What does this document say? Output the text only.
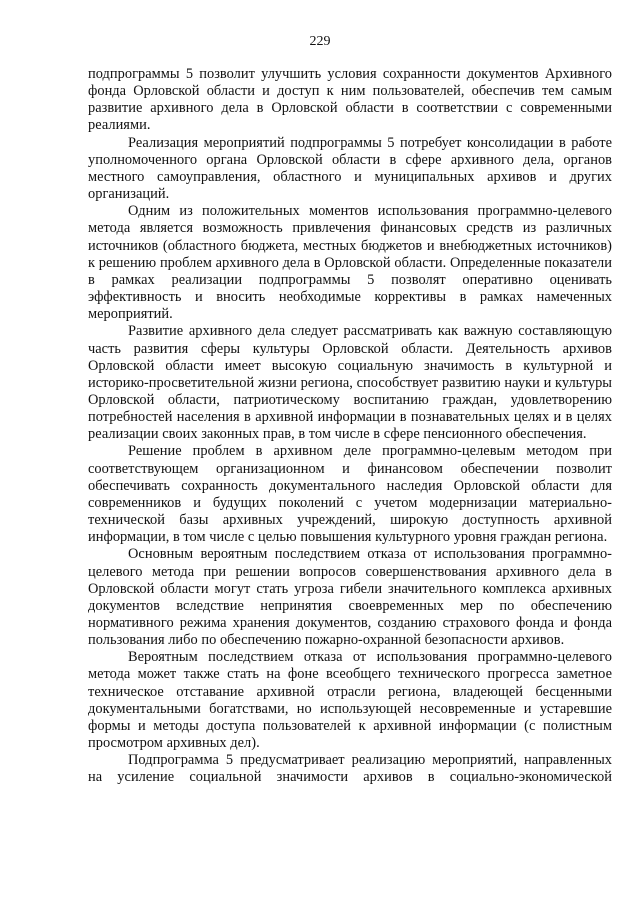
229

подпрограммы 5 позволит улучшить условия сохранности документов Архивного фонда Орловской области и доступ к ним пользователей, обеспечив тем самым развитие архивного дела в Орловской области в соответствии с современными реалиями.

Реализация мероприятий подпрограммы 5 потребует консолидации в работе уполномоченного органа Орловской области в сфере архивного дела, органов местного самоуправления, областного и муниципальных архивов и других организаций.

Одним из положительных моментов использования программно-целевого метода является возможность привлечения финансовых средств из различных источников (областного бюджета, местных бюджетов и внебюджетных источников) к решению проблем архивного дела в Орловской области. Определенные показатели в рамках реализации подпрограммы 5 позволят оперативно оценивать эффективность и вносить необходимые коррективы в рамках намеченных мероприятий.

Развитие архивного дела следует рассматривать как важную составляющую часть развития сферы культуры Орловской области. Деятельность архивов Орловской области имеет высокую социальную значимость в культурной и историко-просветительной жизни региона, способствует развитию науки и культуры Орловской области, патриотическому воспитанию граждан, удовлетворению потребностей населения в архивной информации в познавательных целях и в целях реализации своих законных прав, в том числе в сфере пенсионного обеспечения.

Решение проблем в архивном деле программно-целевым методом при соответствующем организационном и финансовом обеспечении позволит обеспечивать сохранность документального наследия Орловской области для современников и будущих поколений с учетом модернизации материально-технической базы архивных учреждений, широкую доступность архивной информации, в том числе с целью повышения культурного уровня граждан региона.

Основным вероятным последствием отказа от использования программно-целевого метода при решении вопросов совершенствования архивного дела в Орловской области могут стать угроза гибели значительного комплекса архивных документов вследствие непринятия своевременных мер по обеспечению нормативного режима хранения документов, созданию страхового фонда и фонда пользования либо по обеспечению пожарно-охранной безопасности архивов.

Вероятным последствием отказа от использования программно-целевого метода может также стать на фоне всеобщего технического прогресса заметное техническое отставание архивной отрасли региона, владеющей бесценными документальными богатствами, но использующей несовременные и устаревшие формы и методы доступа пользователей к архивной информации (с полистным просмотром архивных дел).

Подпрограмма 5 предусматривает реализацию мероприятий, направленных на усиление социальной значимости архивов в социально-экономической
